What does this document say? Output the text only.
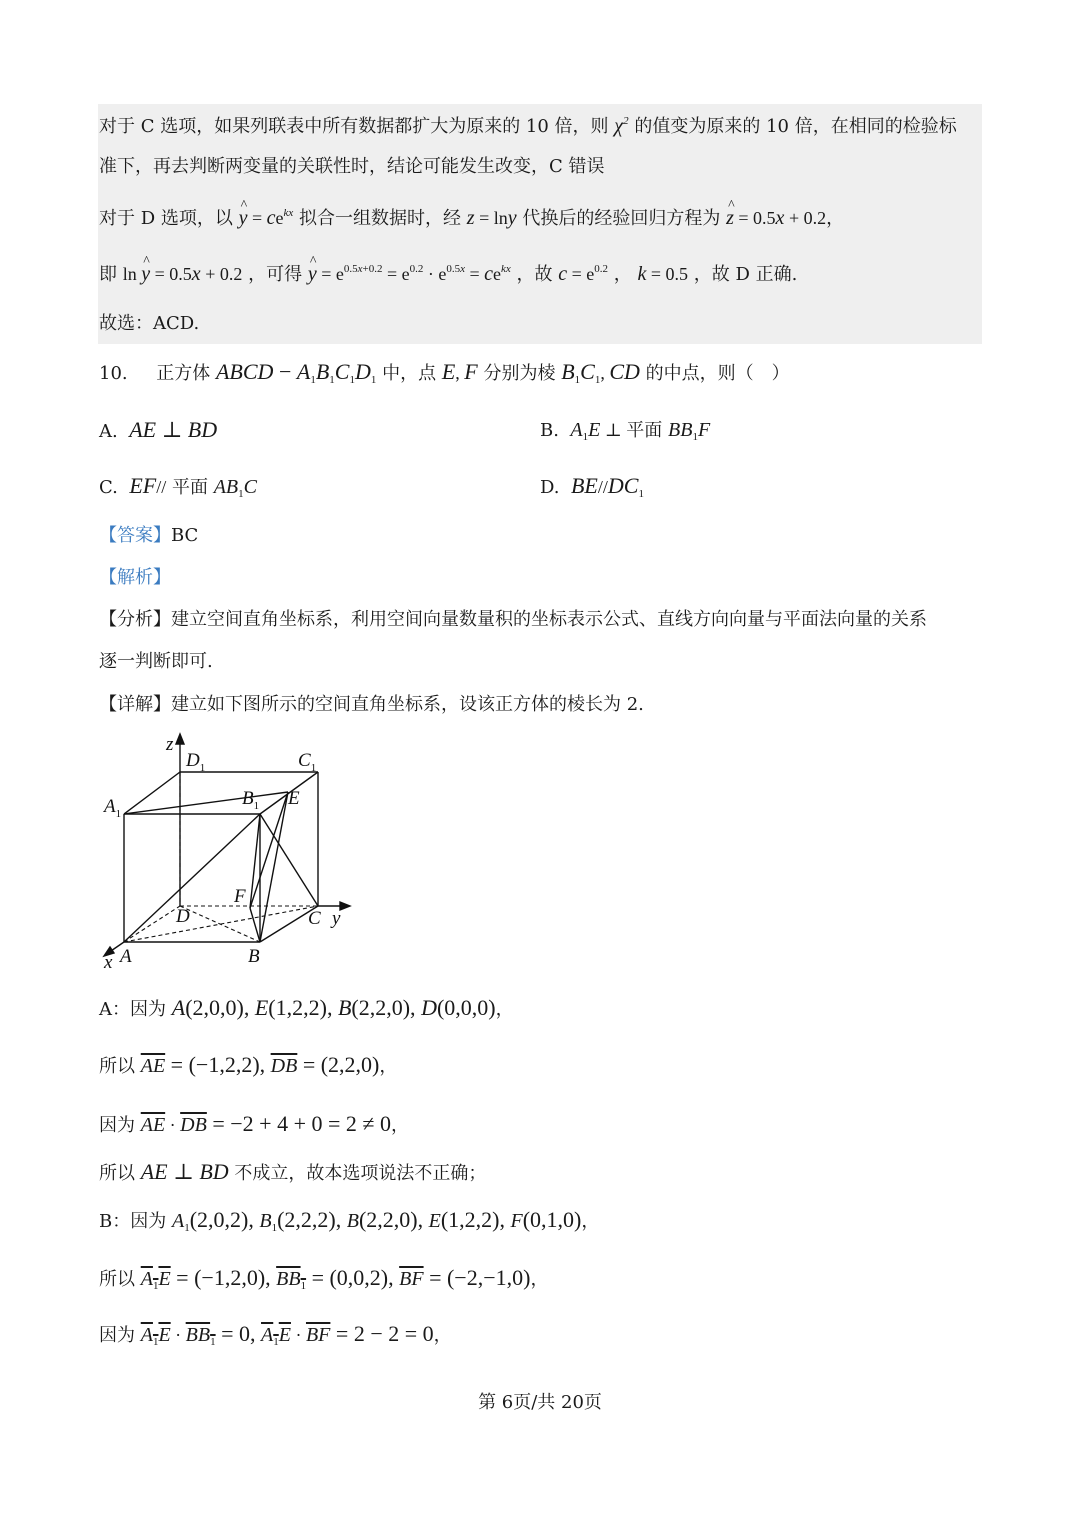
对于 C 选项，如果列联表中所有数据都扩大为原来的 10 倍，则 $\chi^2$ 的值变为原来的 10 倍，在相同的检验标
准下，再去判断两变量的关联性时，结论可能发生改变，C 错误
对于 D 选项，以 ^ $y = ce^{kx}$ 拟合一组数据时，经 z = lny 代换后的经验回归方程为 ^ z = 0.5x + 0.2，
即 ln ^ y = 0.5x + 0.2 ，可得 ^ $y = e^{0.5x+0.2} = e^{0.2} \cdot e^{0.5x} = ce^{kx}$ ，故 $c = e^{0.2}$ ， k = 0.5 ，故 D 正确.
故选：ACD.
10. 正方体 ABCD − $A_1B_1C_1D_1$ 中，点 E, F 分别为棱 $B_1C_1$, CD 的中点，则（　）
A. AE ⊥ BD	B. $A_1E$ ⊥ 平面 $BB_1F$
C. EF// 平面 $AB_1C$	D. $BE//DC_1$
【答案】BC
【解析】
【分析】建立空间直角坐标系，利用空间向量数量积的坐标表示公式、直线方向向量与平面法向量的关系
逐一判断即可.
【详解】建立如下图所示的空间直角坐标系，设该正方体的棱长为 2.
z
$D_1$	$C_1$
$A_1$
$B_1$ E
F
D	C y
A
x	B
A：因为 A(2,0,0), E(1,2,2), B(2,2,0), D(0,0,0)，
所以 $\overline{AE} = (-1,2,2)$, $\overline{DB} = (2,2,0)$，
因为 $\overline{AE} \cdot \overline{DB} = -2 + 4 + 0 = 2 \ne 0$，
所以 AE ⊥ BD 不成立，故本选项说法不正确；
B：因为 $A_1(2,0,2)$, $B_1(2,2,2)$, B(2,2,0), E(1,2,2), F(0,1,0)，
所以 $A_1E = (-1,2,0)$, $BB_1 = (0,0,2)$, $\overline{BF} = (-2,-1,0)$，
因为 $A_1E \cdot BB_1 = 0$, $A_1E \cdot \overline{BF} = 2 - 2 = 0$，
第 6页/共 20页
